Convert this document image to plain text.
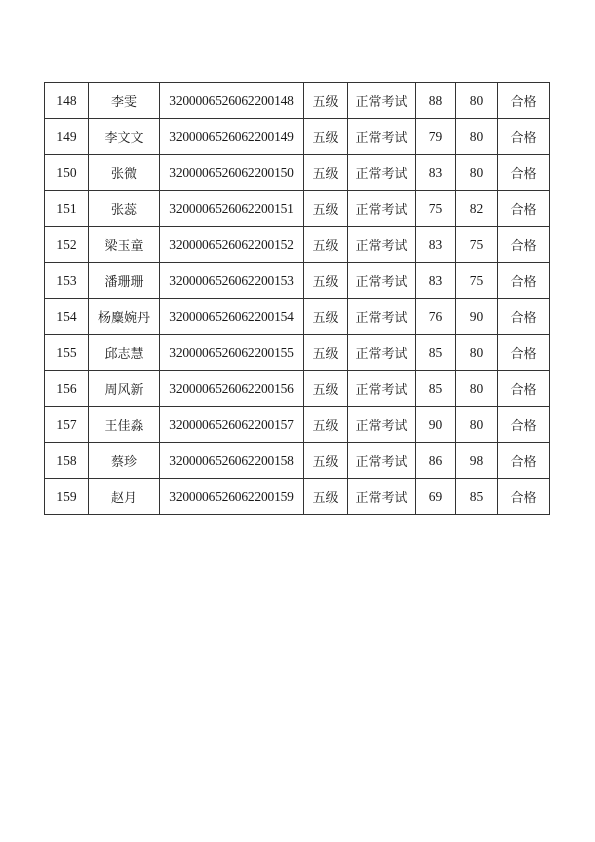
148	李雯	3200006526062200148	五级	正常考试	88	80	合格
149	李文文	3200006526062200149	五级	正常考试	79	80	合格
150	张微	3200006526062200150	五级	正常考试	83	80	合格
151	张蕊	3200006526062200151	五级	正常考试	75	82	合格
152	梁玉童	3200006526062200152	五级	正常考试	83	75	合格
153	潘珊珊	3200006526062200153	五级	正常考试	83	75	合格
154	杨麋婉丹	3200006526062200154	五级	正常考试	76	90	合格
155	邱志慧	3200006526062200155	五级	正常考试	85	80	合格
156	周风新	3200006526062200156	五级	正常考试	85	80	合格
157	王佳淼	3200006526062200157	五级	正常考试	90	80	合格
158	蔡珍	3200006526062200158	五级	正常考试	86	98	合格
159	赵月	3200006526062200159	五级	正常考试	69	85	合格
